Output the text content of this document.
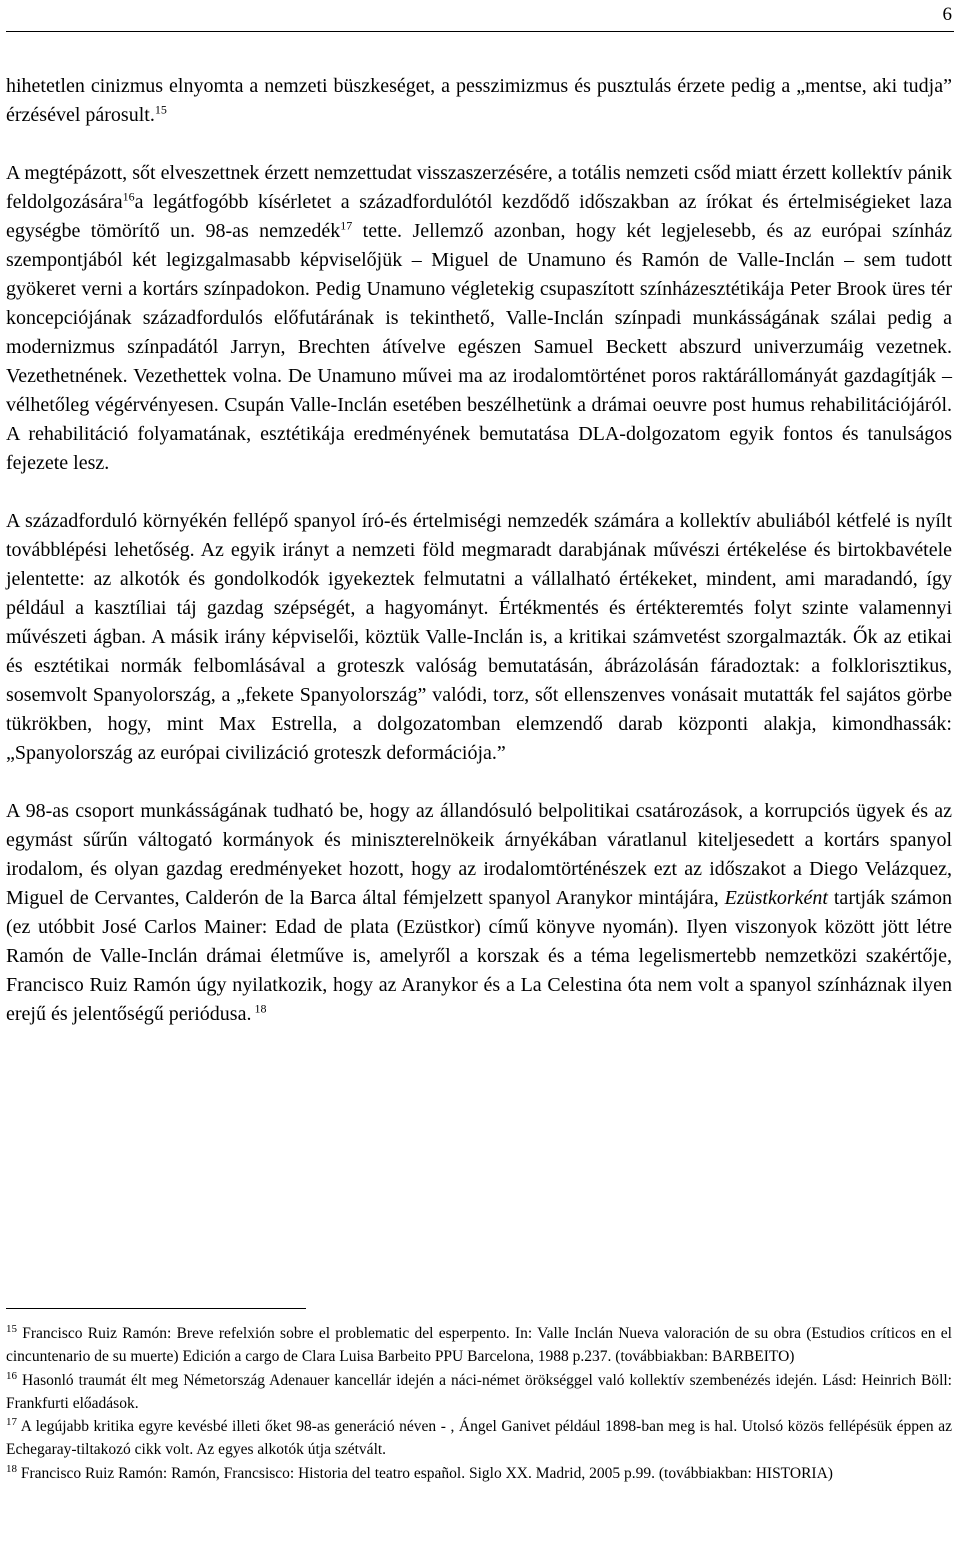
6

hihetetlen cinizmus elnyomta a nemzeti büszkeséget, a pesszimizmus és pusztulás érzete pedig a „mentse, aki tudja” érzésével párosult.$^{15}$

A megtépázott, sőt elveszettnek érzett nemzettudat visszaszerzésére, a totális nemzeti csőd miatt érzett kollektív pánik feldolgozására$^{16}$a legátfogóbb kísérletet a századfordulótól kezdődő időszakban az írókat és értelmiségieket laza egységbe tömörítő un. 98-as nemzedék$^{17}$ tette. Jellemző azonban, hogy két legjelesebb, és az európai színház szempontjából két legizgalmasabb képviselőjük – Miguel de Unamuno és Ramón de Valle-Inclán – sem tudott gyökeret verni a kortárs színpadokon. Pedig Unamuno végletekig csupaszított színházesztétikája Peter Brook üres tér koncepciójának századfordulós előfutárának is tekinthető, Valle-Inclán színpadi munkásságának szálai pedig a modernizmus színpadától Jarryn, Brechten átívelve egészen Samuel Beckett abszurd univerzumáig vezetnek. Vezethetnének. Vezethettek volna. De Unamuno művei ma az irodalomtörténet poros raktárállományát gazdagítják – vélhetőleg végérvényesen. Csupán Valle-Inclán esetében beszélhetünk a drámai oeuvre post humus rehabilitációjáról. A rehabilitáció folyamatának, esztétikája eredményének bemutatása DLA-dolgozatom egyik fontos és tanulságos fejezete lesz.

A századforduló környékén fellépő spanyol író-és értelmiségi nemzedék számára a kollektív abuliából kétfelé is nyílt továbblépési lehetőség. Az egyik irányt a nemzeti föld megmaradt darabjának művészi értékelése és birtokbavétele jelentette: az alkotók és gondolkodók igyekeztek felmutatni a vállalható értékeket, mindent, ami maradandó, így például a kasztíliai táj gazdag szépségét, a hagyományt. Értékmentés és értékteremtés folyt szinte valamennyi művészeti ágban. A másik irány képviselői, köztük Valle-Inclán is, a kritikai számvetést szorgalmazták. Ők az etikai és esztétikai normák felbomlásával a groteszk valóság bemutatásán, ábrázolásán fáradoztak: a folklorisztikus, sosemvolt Spanyolország, a „fekete Spanyolország” valódi, torz, sőt ellenszenves vonásait mutatták fel sajátos görbe tükrökben, hogy, mint Max Estrella, a dolgozatomban elemzendő darab központi alakja, kimondhassák: „Spanyolország az európai civilizáció groteszk deformációja.”

A 98-as csoport munkásságának tudható be, hogy az állandósuló belpolitikai csatározások, a korrupciós ügyek és az egymást sűrűn váltogató kormányok és miniszterelnökeik árnyékában váratlanul kiteljesedett a kortárs spanyol irodalom, és olyan gazdag eredményeket hozott, hogy az irodalomtörténészek ezt az időszakot a Diego Velázquez, Miguel de Cervantes, Calderón de la Barca által fémjelzett spanyol Aranykor mintájára, Ezüstkorként tartják számon (ez utóbbit José Carlos Mainer: Edad de plata (Ezüstkor) című könyve nyomán). Ilyen viszonyok között jött létre Ramón de Valle-Inclán drámai életműve is, amelyről a korszak és a téma legelismertebb nemzetközi szakértője, Francisco Ruiz Ramón úgy nyilatkozik, hogy az Aranykor és a La Celestina óta nem volt a spanyol színháznak ilyen erejű és jelentőségű periódusa. $^{18}$

$^{15}$ Francisco Ruiz Ramón: Breve refelxión sobre el problematic del esperpento. In: Valle Inclán Nueva valoración de su obra (Estudios críticos en el cincuntenario de su muerte) Edición a cargo de Clara Luisa Barbeito PPU Barcelona, 1988 p.237. (továbbiakban: BARBEITO)

$^{16}$ Hasonló traumát élt meg Németország Adenauer kancellár idején a náci-német örökséggel való kollektív szembenézés idején. Lásd: Heinrich Böll: Frankfurti előadások.

$^{17}$ A legújabb kritika egyre kevésbé illeti őket 98-as generáció néven - , Ángel Ganivet például 1898-ban meg is hal. Utolsó közös fellépésük éppen az Echegaray-tiltakozó cikk volt. Az egyes alkotók útja szétvált.

$^{18}$ Francisco Ruiz Ramón: Ramón, Francsisco: Historia del teatro español. Siglo XX. Madrid, 2005 p.99. (továbbiakban: HISTORIA)
